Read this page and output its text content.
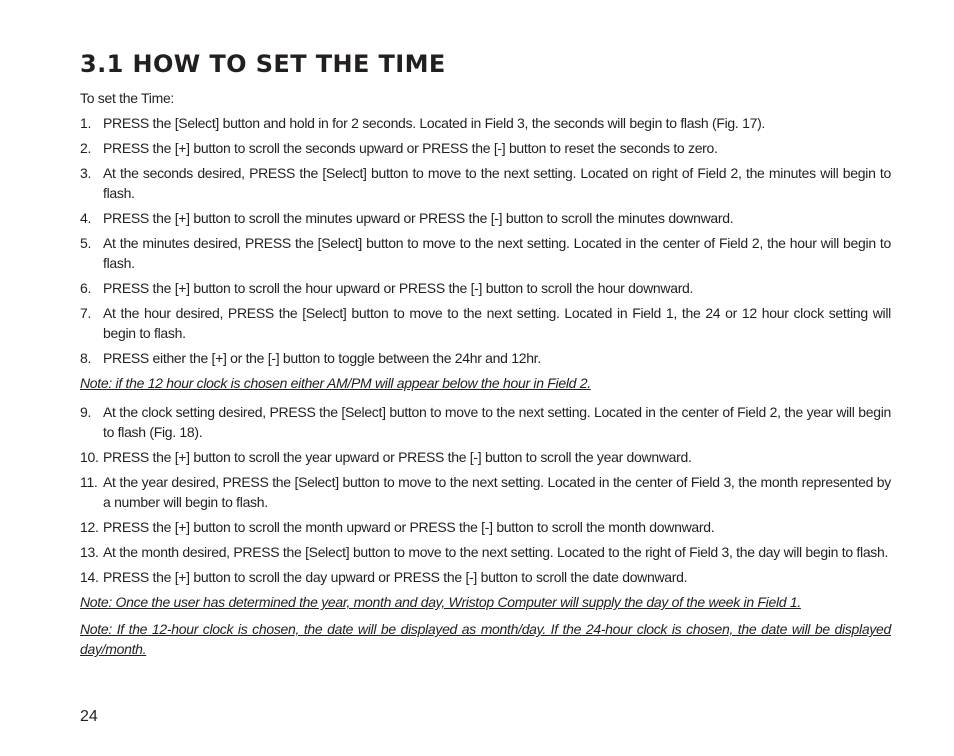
3.1 HOW TO SET THE TIME

To set the Time:

1. PRESS the [Select] button and hold in for 2 seconds. Located in Field 3, the seconds will begin to flash (Fig. 17).
2. PRESS the [+] button to scroll the seconds upward or PRESS the [-] button to reset the seconds to zero.
3. At the seconds desired, PRESS the [Select] button to move to the next setting. Located on right of Field 2, the minutes will begin to flash.
4. PRESS the [+] button to scroll the minutes upward or PRESS the [-] button to scroll the minutes downward.
5. At the minutes desired, PRESS the [Select] button to move to the next setting. Located in the center of Field 2, the hour will begin to flash.
6. PRESS the [+] button to scroll the hour upward or PRESS the [-] button to scroll the hour downward.
7. At the hour desired, PRESS the [Select] button to move to the next setting. Located in Field 1, the 24 or 12 hour clock setting will begin to flash.
8. PRESS either the [+] or the [-] button to toggle between the 24hr and 12hr.

Note: if the 12 hour clock is chosen either AM/PM will appear below the hour in Field 2.

9. At the clock setting desired, PRESS the [Select] button to move to the next setting. Located in the center of Field 2, the year will begin to flash (Fig. 18).
10. PRESS the [+] button to scroll the year upward or PRESS the [-] button to scroll the year downward.
11. At the year desired, PRESS the [Select] button to move to the next setting. Located in the center of Field 3, the month represented by a number will begin to flash.
12. PRESS the [+] button to scroll the month upward or PRESS the [-] button to scroll the month downward.
13. At the month desired, PRESS the [Select] button to move to the next setting. Located to the right of Field 3, the day will begin to flash.
14. PRESS the [+] button to scroll the day upward or PRESS the [-] button to scroll the date downward.

Note: Once the user has determined the year, month and day, Wristop Computer will supply the day of the week in Field 1.

Note: If the 12-hour clock is chosen, the date will be displayed as month/day. If the 24-hour clock is chosen, the date will be displayed day/month.

24
